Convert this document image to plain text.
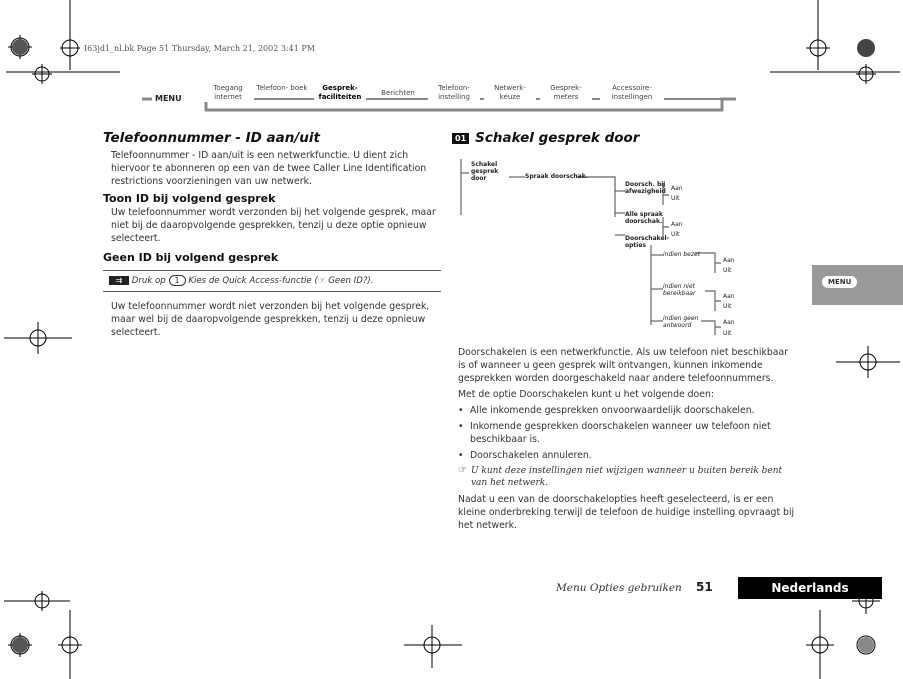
I63jd1_nl.bk Page 51 Thursday, March 21, 2002 3:41 PM
MENU
Toegang internet
Telefoon- boek	Gesprek- faciliteiten	Berichten
Telefoon- instelling
Netwerk- keuze
Gesprek- meters
Accessoire- instellingen
Telefoonnummer - ID aan/uit

Telefoonnummer - ID aan/uit is een netwerkfunctie. U dient zich hiervoor te abonneren op een van de twee Caller Line Identification restrictions voorzieningen van uw netwerk.

Toon ID bij volgend gesprek

Uw telefoonnummer wordt verzonden bij het volgende gesprek, maar niet bij de daaropvolgende gesprekken, tenzij u deze optie opnieuw selecteert.

Geen ID bij volgend gesprek
⇉ Druk op 1 Kies de Quick Access-functie (☞ Geen ID?).

Uw telefoonnummer wordt niet verzonden bij het volgende gesprek, maar wel bij de daaropvolgende gesprekken, tenzij u deze opnieuw selecteert.

01 Schakel gesprek door
Schakel gesprek door	Spraak doorschak.
Doorsch. bij afwezigheid Aan
Uit
Alle spraak doorschak.	Aan
Uit
Doorschakel- opties
indien bezet
Aan
Uit
indien niet bereikbaar	Aan
Uit
indien geen antwoord	Aan
Uit

Doorschakelen is een netwerkfunctie. Als uw telefoon niet beschikbaar is of wanneer u geen gesprek wilt ontvangen, kunnen inkomende gesprekken worden doorgeschakeld naar andere telefoonnummers.

Met de optie Doorschakelen kunt u het volgende doen:

• Alle inkomende gesprekken onvoorwaardelijk doorschakelen.
• Inkomende gesprekken doorschakelen wanneer uw telefoon niet beschikbaar is.
• Doorschakelen annuleren.
☞ U kunt deze instellingen niet wijzigen wanneer u buiten bereik bent van het netwerk.

Nadat u een van de doorschakelopties heeft geselecteerd, is er een kleine onderbreking terwijl de telefoon de huidige instelling opvraagt bij het netwerk.

MENU
Menu Opties gebruiken 51	Nederlands
